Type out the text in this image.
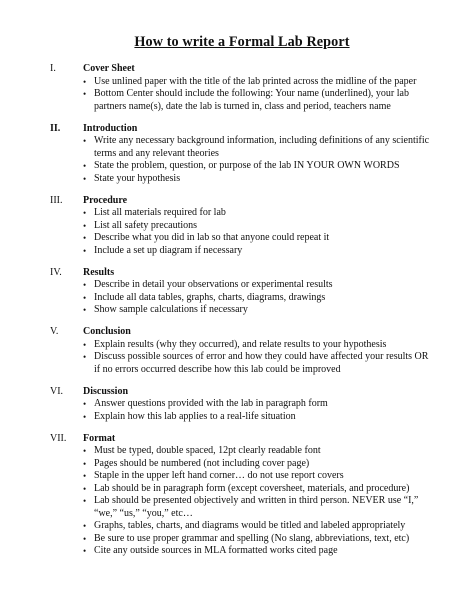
How to write a Formal Lab Report
I.	Cover Sheet
• Use unlined paper with the title of the lab printed across the midline of the paper
• Bottom Center should include the following: Your name (underlined), your lab partners name(s), date the lab is turned in, class and period, teachers name
II.	Introduction
• Write any necessary background information, including definitions of any scientific terms and any relevant theories
• State the problem, question, or purpose of the lab IN YOUR OWN WORDS
• State your hypothesis
III.	Procedure
• List all materials required for lab
• List all safety precautions
• Describe what you did in lab so that anyone could repeat it
• Include a set up diagram if necessary
IV.	Results
• Describe in detail your observations or experimental results
• Include all data tables, graphs, charts, diagrams, drawings
• Show sample calculations if necessary
V.	Conclusion
• Explain results (why they occurred), and relate results to your hypothesis
• Discuss possible sources of error and how they could have affected your results OR if no errors occurred describe how this lab could be improved
VI.	Discussion
• Answer questions provided with the lab in paragraph form
• Explain how this lab applies to a real-life situation
VII.	Format
• Must be typed, double spaced, 12pt clearly readable font
• Pages should be numbered (not including cover page)
• Staple in the upper left hand corner… do not use report covers
• Lab should be in paragraph form (except coversheet, materials, and procedure)
• Lab should be presented objectively and written in third person. NEVER use “I,” “we,” “us,” “you,” etc…
• Graphs, tables, charts, and diagrams would be titled and labeled appropriately
• Be sure to use proper grammar and spelling (No slang, abbreviations, text, etc)
• Cite any outside sources in MLA formatted works cited page
